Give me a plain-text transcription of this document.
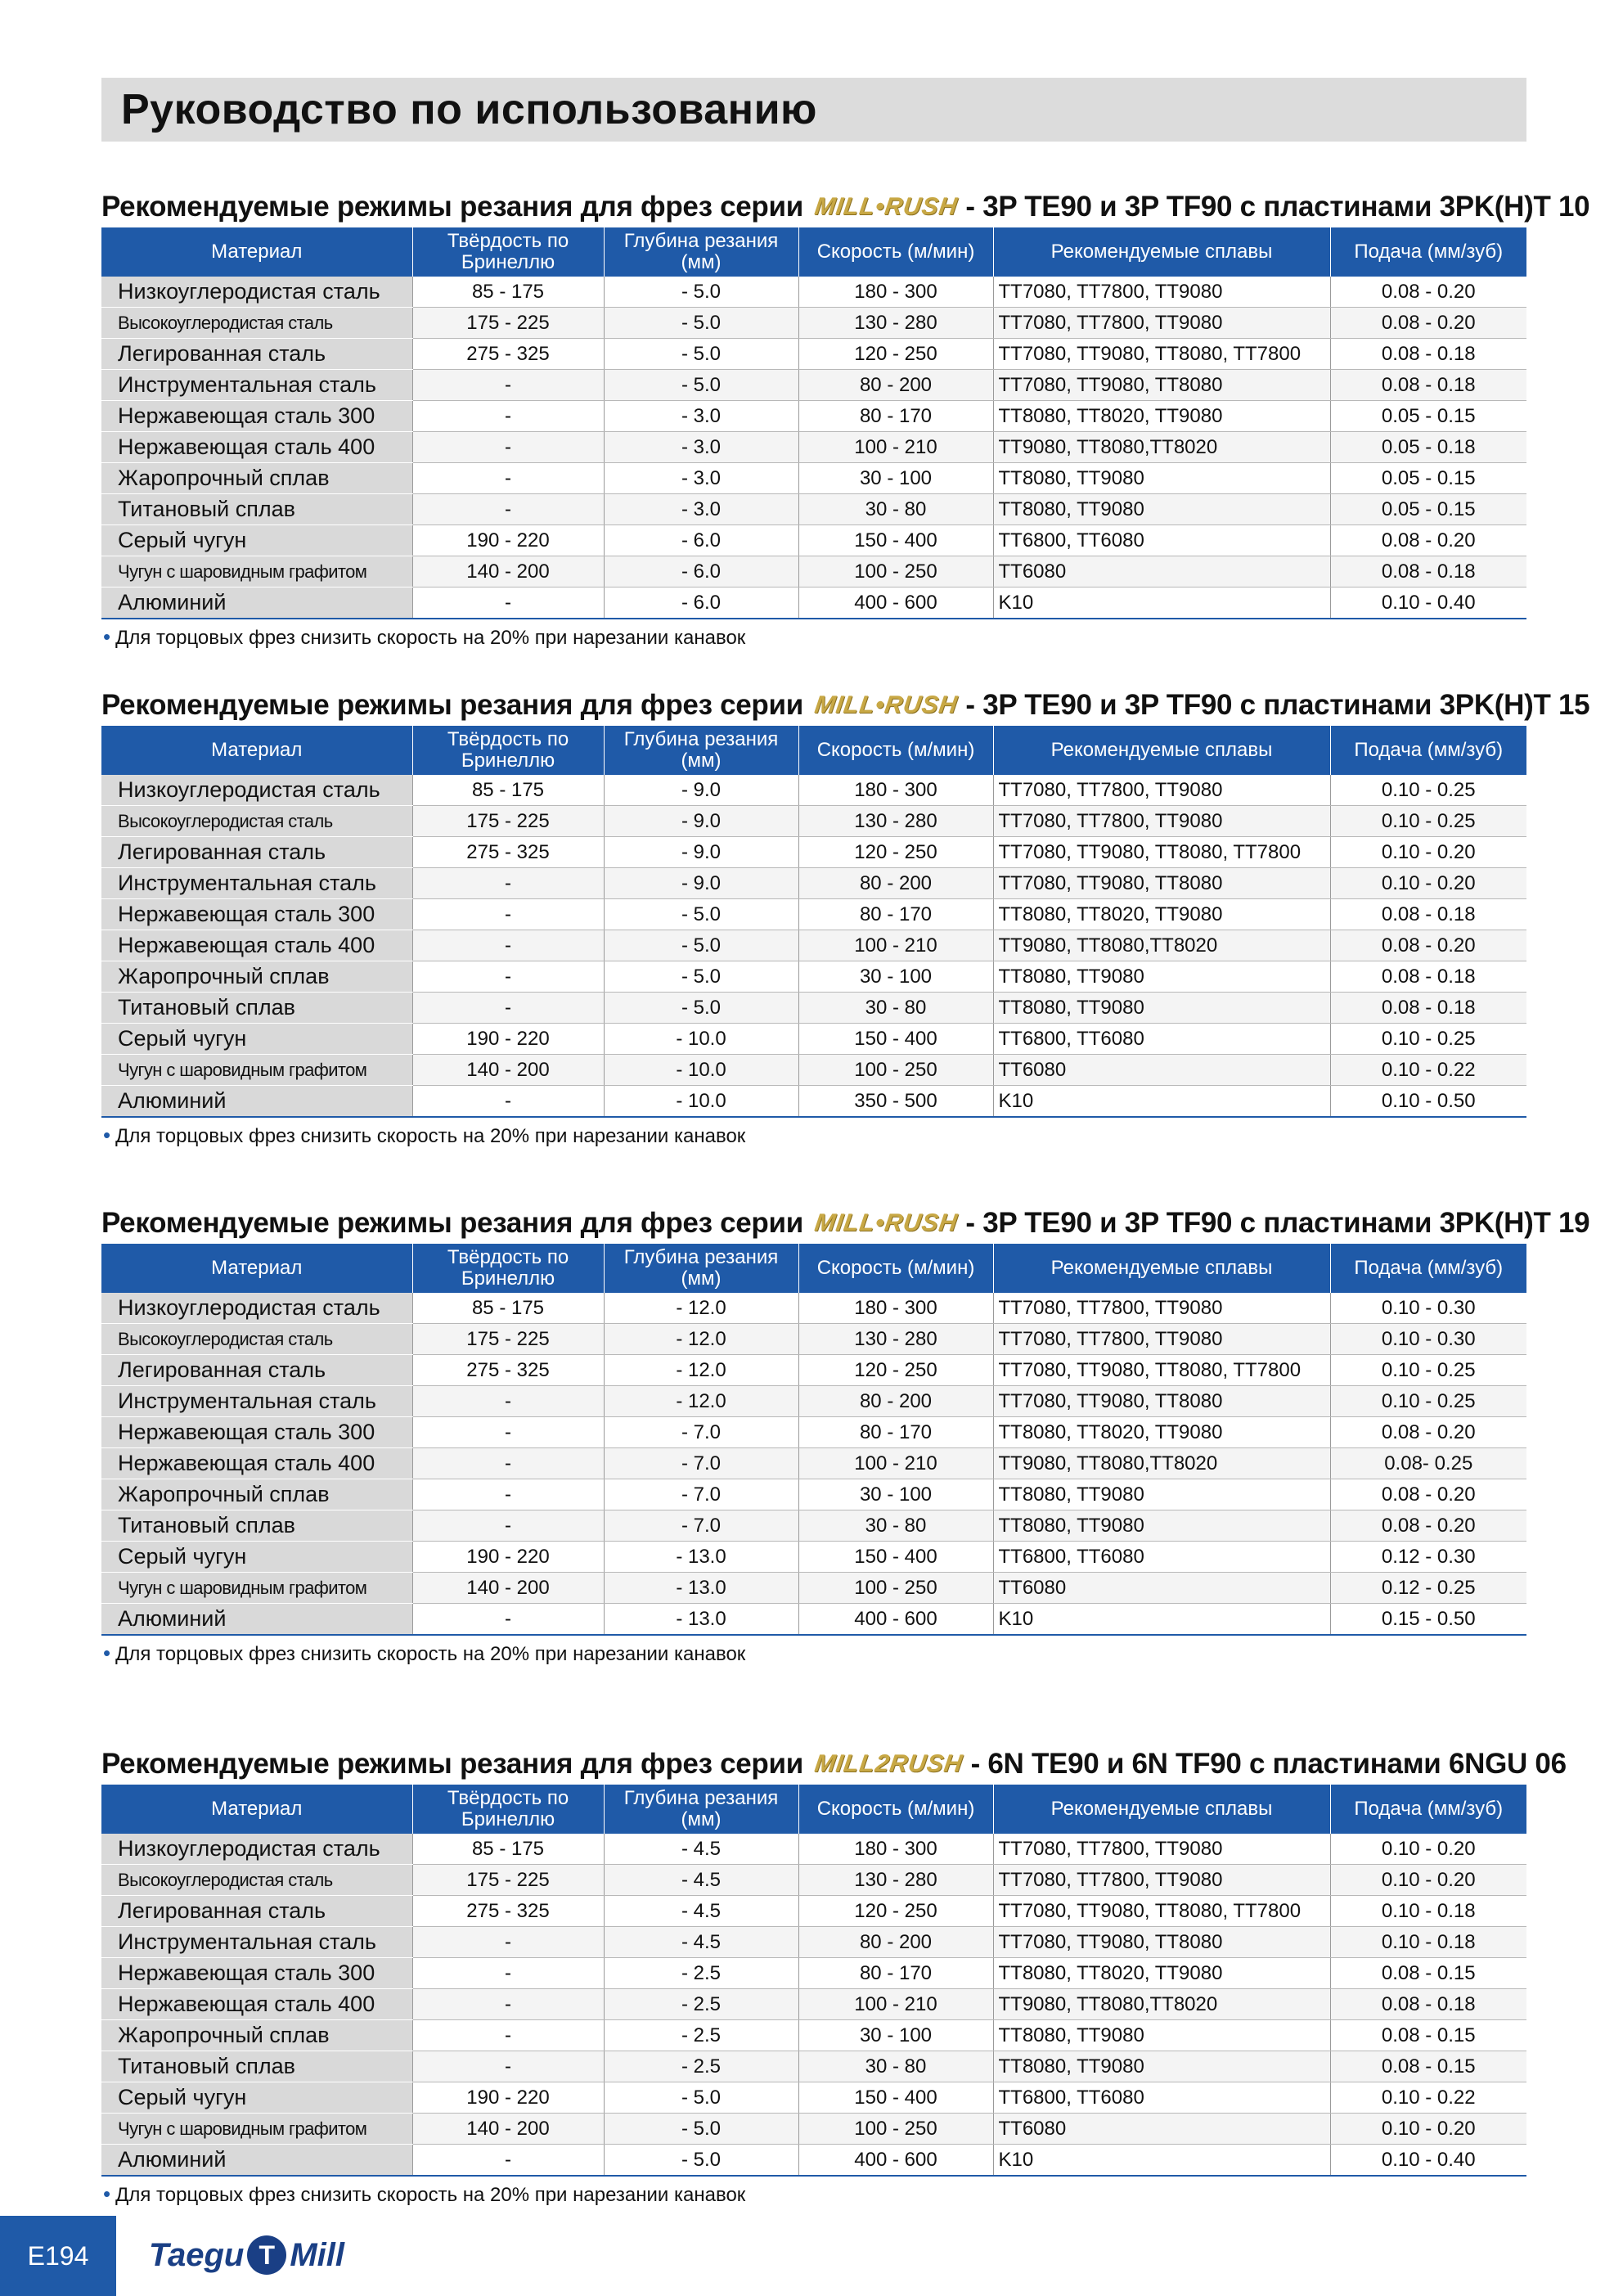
Руководство по использованию
Рекомендуемые режимы резания для фрез серии MILL•RUSH - 3P TE90 и 3P TF90 с пластинами 3PK(H)T 10
Материал	Твёрдость по Бринеллю	Глубина резания (мм)	Скорость (м/мин)	Рекомендуемые сплавы	Подача (мм/зуб)
Низкоуглеродистая сталь	85 - 175	- 5.0	180 - 300	TT7080, TT7800, TT9080	0.08 - 0.20
Высокоуглеродистая сталь	175 - 225	- 5.0	130 - 280	TT7080, TT7800, TT9080	0.08 - 0.20
Легированная сталь	275 - 325	- 5.0	120 - 250	TT7080, TT9080, TT8080, TT7800	0.08 - 0.18
Инструментальная сталь	-	- 5.0	80 - 200	TT7080, TT9080, TT8080	0.08 - 0.18
Нержавеющая сталь 300	-	- 3.0	80 - 170	TT8080, TT8020, TT9080	0.05 - 0.15
Нержавеющая сталь 400	-	- 3.0	100 - 210	TT9080, TT8080,TT8020	0.05 - 0.18
Жаропрочный сплав	-	- 3.0	30 - 100	TT8080, TT9080	0.05 - 0.15
Титановый сплав	-	- 3.0	30 - 80	TT8080, TT9080	0.05 - 0.15
Серый чугун	190 - 220	- 6.0	150 - 400	TT6800, TT6080	0.08 - 0.20
Чугун с шаровидным графитом	140 - 200	- 6.0	100 - 250	TT6080	0.08 - 0.18
Алюминий	-	- 6.0	400 - 600	K10	0.10 - 0.40
• Для торцовых фрез снизить скорость на 20% при нарезании канавок
Рекомендуемые режимы резания для фрез серии MILL•RUSH - 3P TE90 и 3P TF90 с пластинами 3PK(H)T 15
Материал	Твёрдость по Бринеллю	Глубина резания (мм)	Скорость (м/мин)	Рекомендуемые сплавы	Подача (мм/зуб)
Низкоуглеродистая сталь	85 - 175	- 9.0	180 - 300	TT7080, TT7800, TT9080	0.10 - 0.25
Высокоуглеродистая сталь	175 - 225	- 9.0	130 - 280	TT7080, TT7800, TT9080	0.10 - 0.25
Легированная сталь	275 - 325	- 9.0	120 - 250	TT7080, TT9080, TT8080, TT7800	0.10 - 0.20
Инструментальная сталь	-	- 9.0	80 - 200	TT7080, TT9080, TT8080	0.10 - 0.20
Нержавеющая сталь 300	-	- 5.0	80 - 170	TT8080, TT8020, TT9080	0.08 - 0.18
Нержавеющая сталь 400	-	- 5.0	100 - 210	TT9080, TT8080,TT8020	0.08 - 0.20
Жаропрочный сплав	-	- 5.0	30 - 100	TT8080, TT9080	0.08 - 0.18
Титановый сплав	-	- 5.0	30 - 80	TT8080, TT9080	0.08 - 0.18
Серый чугун	190 - 220	- 10.0	150 - 400	TT6800, TT6080	0.10 - 0.25
Чугун с шаровидным графитом	140 - 200	- 10.0	100 - 250	TT6080	0.10 - 0.22
Алюминий	-	- 10.0	350 - 500	K10	0.10 - 0.50
• Для торцовых фрез снизить скорость на 20% при нарезании канавок
Рекомендуемые режимы резания для фрез серии MILL•RUSH - 3P TE90 и 3P TF90 с пластинами 3PK(H)T 19
Материал	Твёрдость по Бринеллю	Глубина резания (мм)	Скорость (м/мин)	Рекомендуемые сплавы	Подача (мм/зуб)
Низкоуглеродистая сталь	85 - 175	- 12.0	180 - 300	TT7080, TT7800, TT9080	0.10 - 0.30
Высокоуглеродистая сталь	175 - 225	- 12.0	130 - 280	TT7080, TT7800, TT9080	0.10 - 0.30
Легированная сталь	275 - 325	- 12.0	120 - 250	TT7080, TT9080, TT8080, TT7800	0.10 - 0.25
Инструментальная сталь	-	- 12.0	80 - 200	TT7080, TT9080, TT8080	0.10 - 0.25
Нержавеющая сталь 300	-	- 7.0	80 - 170	TT8080, TT8020, TT9080	0.08 - 0.20
Нержавеющая сталь 400	-	- 7.0	100 - 210	TT9080, TT8080,TT8020	0.08- 0.25
Жаропрочный сплав	-	- 7.0	30 - 100	TT8080, TT9080	0.08 - 0.20
Титановый сплав	-	- 7.0	30 - 80	TT8080, TT9080	0.08 - 0.20
Серый чугун	190 - 220	- 13.0	150 - 400	TT6800, TT6080	0.12 - 0.30
Чугун с шаровидным графитом	140 - 200	- 13.0	100 - 250	TT6080	0.12 - 0.25
Алюминий	-	- 13.0	400 - 600	K10	0.15 - 0.50
• Для торцовых фрез снизить скорость на 20% при нарезании канавок
Рекомендуемые режимы резания для фрез серии MILL2RUSH - 6N TE90 и 6N TF90 с пластинами 6NGU 06
Материал	Твёрдость по Бринеллю	Глубина резания (мм)	Скорость (м/мин)	Рекомендуемые сплавы	Подача (мм/зуб)
Низкоуглеродистая сталь	85 - 175	- 4.5	180 - 300	TT7080, TT7800, TT9080	0.10 - 0.20
Высокоуглеродистая сталь	175 - 225	- 4.5	130 - 280	TT7080, TT7800, TT9080	0.10 - 0.20
Легированная сталь	275 - 325	- 4.5	120 - 250	TT7080, TT9080, TT8080, TT7800	0.10 - 0.18
Инструментальная сталь	-	- 4.5	80 - 200	TT7080, TT9080, TT8080	0.10 - 0.18
Нержавеющая сталь 300	-	- 2.5	80 - 170	TT8080, TT8020, TT9080	0.08 - 0.15
Нержавеющая сталь 400	-	- 2.5	100 - 210	TT9080, TT8080,TT8020	0.08 - 0.18
Жаропрочный сплав	-	- 2.5	30 - 100	TT8080, TT9080	0.08 - 0.15
Титановый сплав	-	- 2.5	30 - 80	TT8080, TT9080	0.08 - 0.15
Серый чугун	190 - 220	- 5.0	150 - 400	TT6800, TT6080	0.10 - 0.22
Чугун с шаровидным графитом	140 - 200	- 5.0	100 - 250	TT6080	0.10 - 0.20
Алюминий	-	- 5.0	400 - 600	K10	0.10 - 0.40
• Для торцовых фрез снизить скорость на 20% при нарезании канавок
E194 Taegu T Mill
